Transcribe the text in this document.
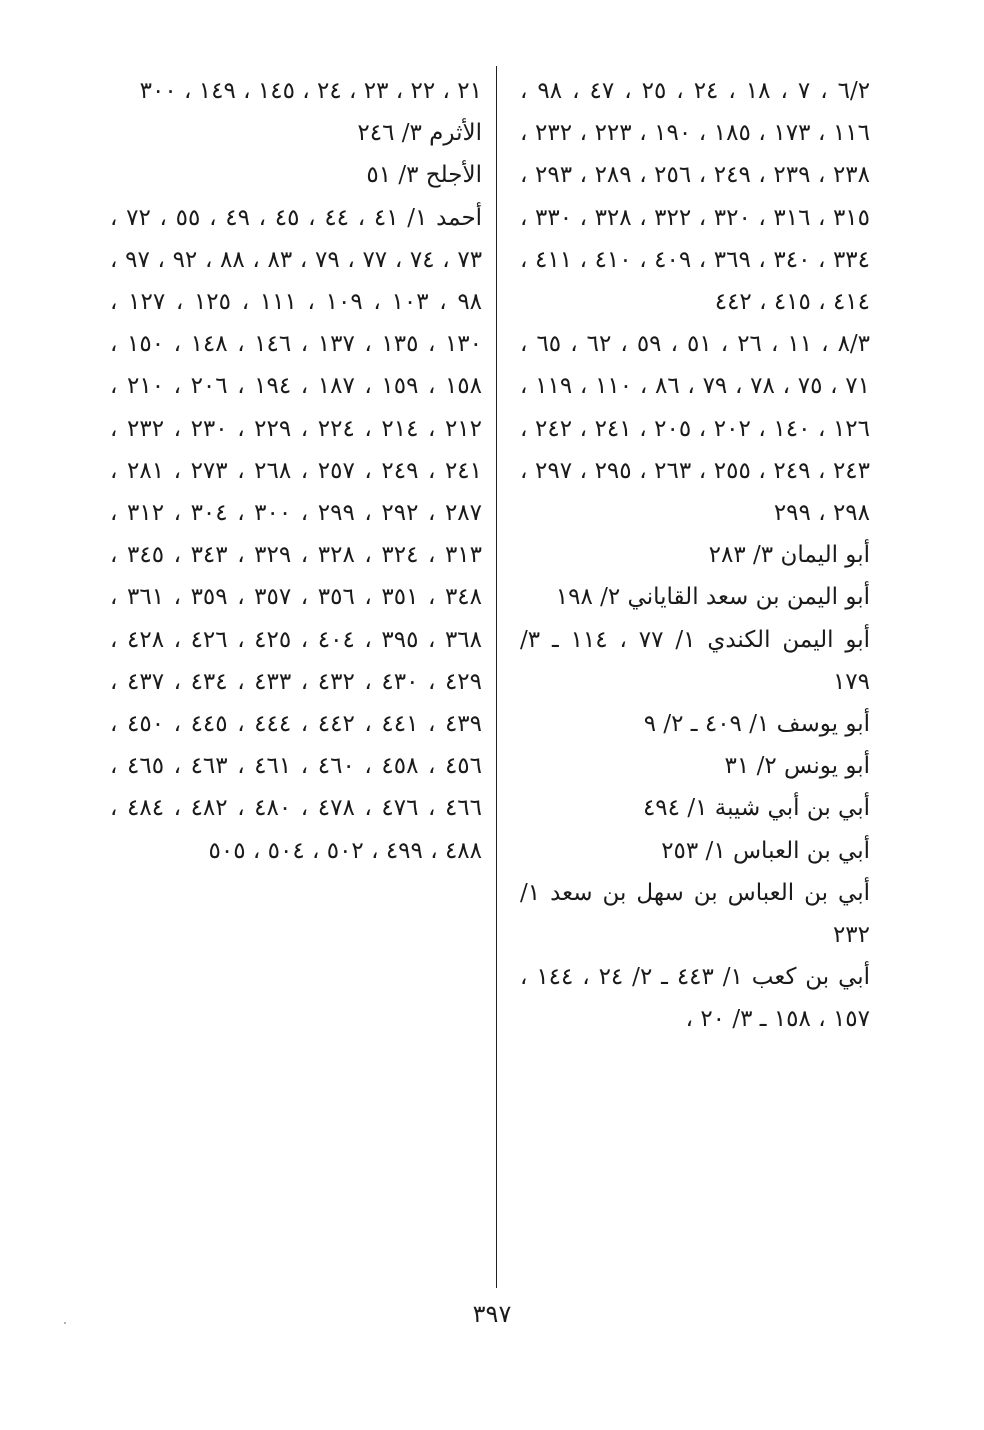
٦/٢ ، ٧ ، ١٨ ، ٢٤ ، ٢٥ ، ٤٧ ، ٩٨ ، ١١٦ ، ١٧٣ ، ١٨٥ ، ١٩٠ ، ٢٢٣ ، ٢٣٢ ، ٢٣٨ ، ٢٣٩ ، ٢٤٩ ، ٢٥٦ ، ٢٨٩ ، ٢٩٣ ، ٣١٥ ، ٣١٦ ، ٣٢٠ ، ٣٢٢ ، ٣٢٨ ، ٣٣٠ ، ٣٣٤ ، ٣٤٠ ، ٣٦٩ ، ٤٠٩ ، ٤١٠ ، ٤١١ ، ٤١٤ ، ٤١٥ ، ٤٤٢

٨/٣ ، ١١ ، ٢٦ ، ٥١ ، ٥٩ ، ٦٢ ، ٦٥ ، ٧١ ، ٧٥ ، ٧٨ ، ٧٩ ، ٨٦ ، ١١٠ ، ١١٩ ، ١٢٦ ، ١٤٠ ، ٢٠٢ ، ٢٠٥ ، ٢٤١ ، ٢٤٢ ، ٢٤٣ ، ٢٤٩ ، ٢٥٥ ، ٢٦٣ ، ٢٩٥ ، ٢٩٧ ، ٢٩٨ ، ٢٩٩

أبو اليمان ٣/ ٢٨٣

أبو اليمن بن سعد القاياني ٢/ ١٩٨

أبو اليمن الكندي ١/ ٧٧ ، ١١٤ ـ ٣/ ١٧٩

أبو يوسف ١/ ٤٠٩ ـ ٢/ ٩

أبو يونس ٢/ ٣١

أبي بن أبي شيبة ١/ ٤٩٤

أبي بن العباس ١/ ٢٥٣

أبي بن العباس بن سهل بن سعد ١/ ٢٣٢

أبي بن كعب ١/ ٤٤٣ ـ ٢/ ٢٤ ، ١٤٤ ، ١٥٧ ، ١٥٨ ـ ٣/ ٢٠ ،

٢١ ، ٢٢ ، ٢٣ ، ٢٤ ، ١٤٥ ، ١٤٩ ، ٣٠٠

الأثرم ٣/ ٢٤٦

الأجلح ٣/ ٥١

أحمد ١/ ٤١ ، ٤٤ ، ٤٥ ، ٤٩ ، ٥٥ ، ٧٢ ، ٧٣ ، ٧٤ ، ٧٧ ، ٧٩ ، ٨٣ ، ٨٨ ، ٩٢ ، ٩٧ ، ٩٨ ، ١٠٣ ، ١٠٩ ، ١١١ ، ١٢٥ ، ١٢٧ ، ١٣٠ ، ١٣٥ ، ١٣٧ ، ١٤٦ ، ١٤٨ ، ١٥٠ ، ١٥٨ ، ١٥٩ ، ١٨٧ ، ١٩٤ ، ٢٠٦ ، ٢١٠ ، ٢١٢ ، ٢١٤ ، ٢٢٤ ، ٢٢٩ ، ٢٣٠ ، ٢٣٢ ، ٢٤١ ، ٢٤٩ ، ٢٥٧ ، ٢٦٨ ، ٢٧٣ ، ٢٨١ ، ٢٨٧ ، ٢٩٢ ، ٢٩٩ ، ٣٠٠ ، ٣٠٤ ، ٣١٢ ، ٣١٣ ، ٣٢٤ ، ٣٢٨ ، ٣٢٩ ، ٣٤٣ ، ٣٤٥ ، ٣٤٨ ، ٣٥١ ، ٣٥٦ ، ٣٥٧ ، ٣٥٩ ، ٣٦١ ، ٣٦٨ ، ٣٩٥ ، ٤٠٤ ، ٤٢٥ ، ٤٢٦ ، ٤٢٨ ، ٤٢٩ ، ٤٣٠ ، ٤٣٢ ، ٤٣٣ ، ٤٣٤ ، ٤٣٧ ، ٤٣٩ ، ٤٤١ ، ٤٤٢ ، ٤٤٤ ، ٤٤٥ ، ٤٥٠ ، ٤٥٦ ، ٤٥٨ ، ٤٦٠ ، ٤٦١ ، ٤٦٣ ، ٤٦٥ ، ٤٦٦ ، ٤٧٦ ، ٤٧٨ ، ٤٨٠ ، ٤٨٢ ، ٤٨٤ ، ٤٨٨ ، ٤٩٩ ، ٥٠٢ ، ٥٠٤ ، ٥٠٥

٣٩٧
